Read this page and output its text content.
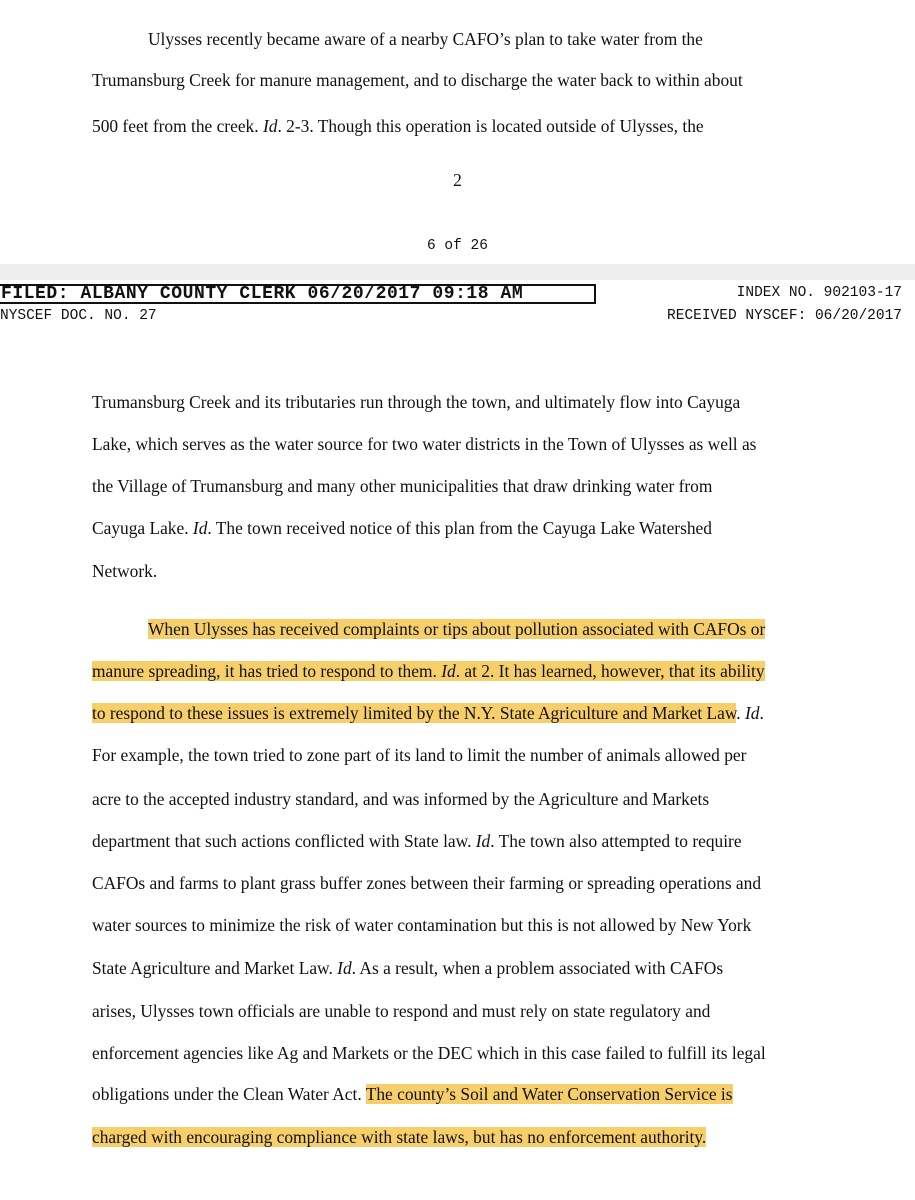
Ulysses recently became aware of a nearby CAFO’s plan to take water from the
Trumansburg Creek for manure management, and to discharge the water back to within about
500 feet from the creek. Id. 2-3. Though this operation is located outside of Ulysses, the
2
6 of 26
FILED: ALBANY COUNTY CLERK 06/20/2017 09:18 AM	INDEX NO. 902103-17
NYSCEF DOC. NO. 27	RECEIVED NYSCEF: 06/20/2017
Trumansburg Creek and its tributaries run through the town, and ultimately flow into Cayuga
Lake, which serves as the water source for two water districts in the Town of Ulysses as well as
the Village of Trumansburg and many other municipalities that draw drinking water from
Cayuga Lake. Id. The town received notice of this plan from the Cayuga Lake Watershed
Network.
When Ulysses has received complaints or tips about pollution associated with CAFOs or
manure spreading, it has tried to respond to them. Id. at 2. It has learned, however, that its ability
to respond to these issues is extremely limited by the N.Y. State Agriculture and Market Law. Id.
For example, the town tried to zone part of its land to limit the number of animals allowed per
acre to the accepted industry standard, and was informed by the Agriculture and Markets
department that such actions conflicted with State law. Id. The town also attempted to require
CAFOs and farms to plant grass buffer zones between their farming or spreading operations and
water sources to minimize the risk of water contamination but this is not allowed by New York
State Agriculture and Market Law. Id. As a result, when a problem associated with CAFOs
arises, Ulysses town officials are unable to respond and must rely on state regulatory and
enforcement agencies like Ag and Markets or the DEC which in this case failed to fulfill its legal
obligations under the Clean Water Act. The county’s Soil and Water Conservation Service is
charged with encouraging compliance with state laws, but has no enforcement authority.
